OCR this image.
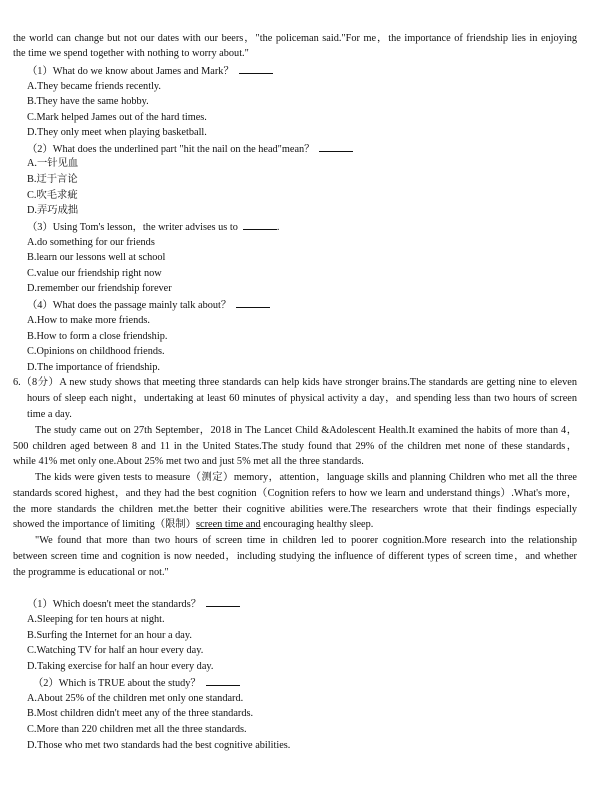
the world can change but not our dates with our beers，"the policeman said."For me，the importance of friendship lies in enjoying
the time we spend together with nothing to worry about."
（1）What do we know about James and Mark？
A.They became friends recently.
B.They have the same hobby.
C.Mark helped James out of the hard times.
D.They only meet when playing basketball.
（2）What does the underlined part "hit the nail on the head"mean？
A.一针见血
B.迂于言论
C.吹毛求疵
D.弄巧成拙
（3）Using Tom's lesson，the writer advises us to	.
A.do something for our friends
B.learn our lessons well at school
C.value our friendship right now
D.remember our friendship forever
（4）What does the passage mainly talk about？
A.How to make more friends.
B.How to form a close friendship.
C.Opinions on childhood friends.
D.The importance of friendship.
6.（8分）A new study shows that meeting three standards can help kids have stronger brains.The standards are getting nine to eleven
hours of sleep each night，undertaking at least 60 minutes of physical activity a day，and spending less than two hours of screen
time a day.
The study came out on 27th September，2018 in The Lancet Child &Adolescent Health.It examined the habits of more than 4，
500 children aged between 8 and 11 in the United States.The study found that 29% of the children met none of these standards，
while 41% met only one.About 25% met two and just 5% met all the three standards.
The kids were given tests to measure（测定）memory，attention，language skills and planning Children who met all the three
standards scored highest，and they had the best cognition（Cognition refers to how we learn and understand things）.What's more，
the more standards the children met.the better their cognitive abilities were.The researchers wrote that their findings especially
showed the importance of limiting（限制）screen time and encouraging healthy sleep.
"We found that more than two hours of screen time in children led to poorer cognition.More research into the relationship
between screen time and cognition is now needed，including studying the influence of different types of screen time，and whether
the programme is educational or not."
（1）Which doesn't meet the standards？
A.Sleeping for ten hours at night.
B.Surfing the Internet for an hour a day.
C.Watching TV for half an hour every day.
D.Taking exercise for half an hour every day.
（2）Which is TRUE about the study？
A.About 25% of the children met only one standard.
B.Most children didn't meet any of the three standards.
C.More than 220 children met all the three standards.
D.Those who met two standards had the best cognitive abilities.
